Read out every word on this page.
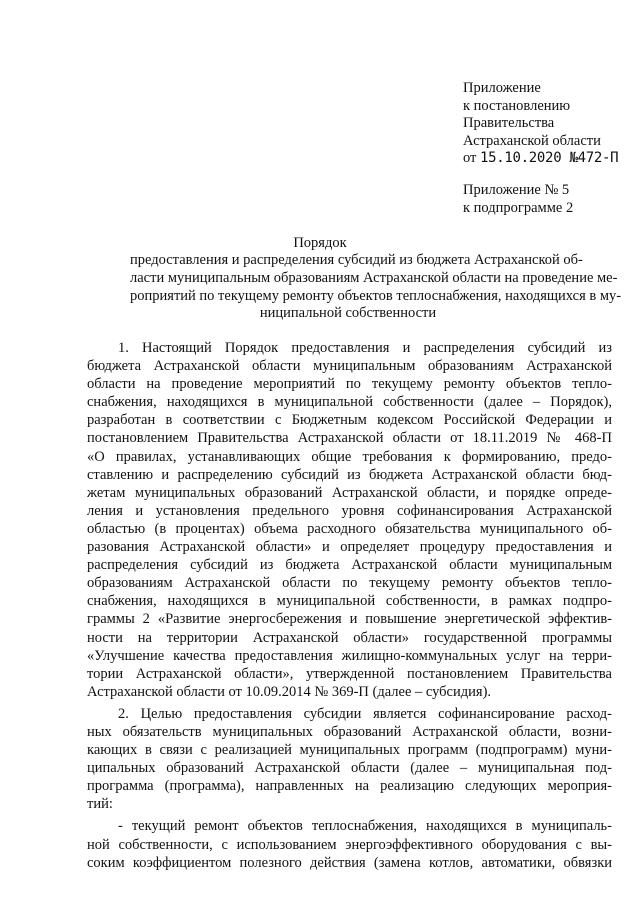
Приложение
к постановлению
Правительства
Астраханской области
от 15.10.2020 №472-П
Приложение № 5
к подпрограмме 2
Порядок
предоставления и распределения субсидий из бюджета Астраханской об-
ласти муниципальным образованиям Астраханской области на проведение ме-
роприятий по текущему ремонту объектов теплоснабжения, находящихся в му-
ниципальной собственности
1. Настоящий Порядок предоставления и распределения субсидий из
бюджета Астраханской области муниципальным образованиям Астраханской
области на проведение мероприятий по текущему ремонту объектов тепло-
снабжения, находящихся в муниципальной собственности (далее – Порядок),
разработан в соответствии с Бюджетным кодексом Российской Федерации и
постановлением Правительства Астраханской области от 18.11.2019 № 468-П
«О правилах, устанавливающих общие требования к формированию, предо-
ставлению и распределению субсидий из бюджета Астраханской области бюд-
жетам муниципальных образований Астраханской области, и порядке опреде-
ления и установления предельного уровня софинансирования Астраханской
областью (в процентах) объема расходного обязательства муниципального об-
разования Астраханской области» и определяет процедуру предоставления и
распределения субсидий из бюджета Астраханской области муниципальным
образованиям Астраханской области по текущему ремонту объектов тепло-
снабжения, находящихся в муниципальной собственности, в рамках подпро-
граммы 2 «Развитие энергосбережения и повышение энергетической эффектив-
ности на территории Астраханской области» государственной программы
«Улучшение качества предоставления жилищно-коммунальных услуг на терри-
тории Астраханской области», утвержденной постановлением Правительства
Астраханской области от 10.09.2014 № 369-П (далее – субсидия).
2. Целью предоставления субсидии является софинансирование расход-
ных обязательств муниципальных образований Астраханской области, возни-
кающих в связи с реализацией муниципальных программ (подпрограмм) муни-
ципальных образований Астраханской области (далее – муниципальная под-
программа (программа), направленных на реализацию следующих мероприя-
тий:
- текущий ремонт объектов теплоснабжения, находящихся в муниципаль-
ной собственности, с использованием энергоэффективного оборудования с вы-
соким коэффициентом полезного действия (замена котлов, автоматики, обвязки
